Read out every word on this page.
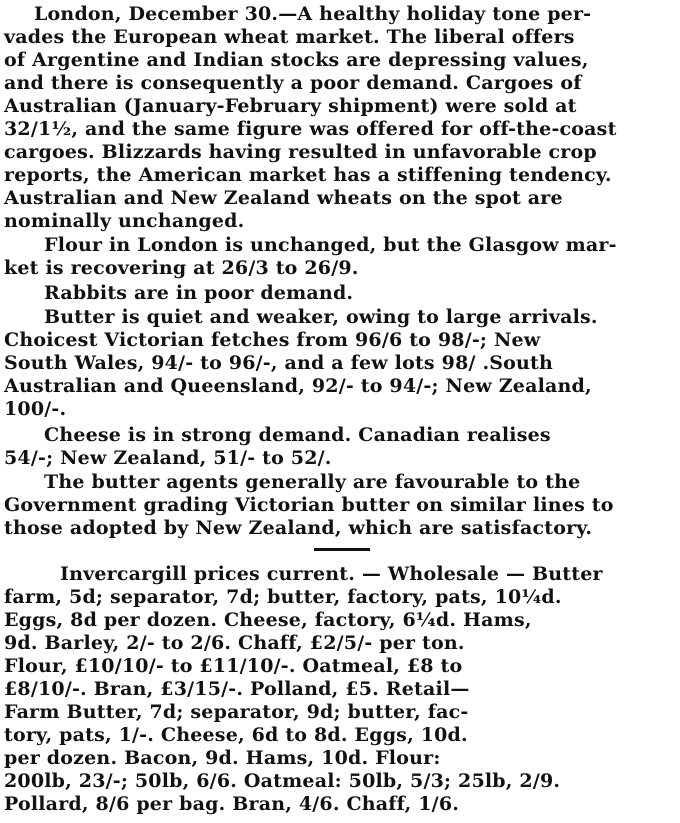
London, December 30.—A healthy holiday tone per-
vades the European wheat market. The liberal offers
of Argentine and Indian stocks are depressing values,
and there is consequently a poor demand. Cargoes of
Australian (January-February shipment) were sold at
32/1½, and the same figure was offered for off-the-coast
cargoes. Blizzards having resulted in unfavorable crop
reports, the American market has a stiffening tendency.
Australian and New Zealand wheats on the spot are
nominally unchanged.
Flour in London is unchanged, but the Glasgow mar-
ket is recovering at 26/3 to 26/9.
Rabbits are in poor demand.
Butter is quiet and weaker, owing to large arrivals.
Choicest Victorian fetches from 96/6 to 98/-; New
South Wales, 94/- to 96/-, and a few lots 98/ .South
Australian and Queensland, 92/- to 94/-; New Zealand,
100/-.
Cheese is in strong demand. Canadian realises
54/-; New Zealand, 51/- to 52/.
The butter agents generally are favourable to the
Government grading Victorian butter on similar lines to
those adopted by New Zealand, which are satisfactory.
Invercargill prices current. — Wholesale — Butter
farm, 5d; separator, 7d; butter, factory, pats, 10¼d.
Eggs, 8d per dozen. Cheese, factory, 6¼d. Hams,
9d. Barley, 2/- to 2/6. Chaff, £2/5/- per ton.
Flour, £10/10/- to £11/10/-. Oatmeal, £8 to
£8/10/-. Bran, £3/15/-. Polland, £5. Retail—
Farm Butter, 7d; separator, 9d; butter, fac-
tory, pats, 1/-. Cheese, 6d to 8d. Eggs, 10d.
per dozen. Bacon, 9d. Hams, 10d. Flour:
200lb, 23/-; 50lb, 6/6. Oatmeal: 50lb, 5/3; 25lb, 2/9.
Pollard, 8/6 per bag. Bran, 4/6. Chaff, 1/6.
